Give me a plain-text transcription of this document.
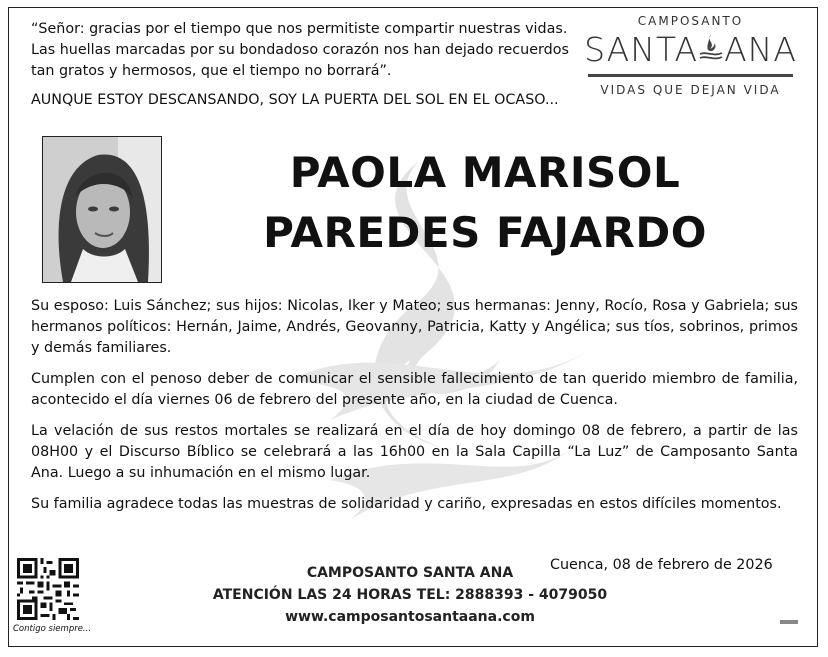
“Señor: gracias por el tiempo que nos permitiste compartir nuestras vidas. Las huellas marcadas por su bondadoso corazón nos han dejado recuerdos tan gratos y hermosos, que el tiempo no borrará”.

AUNQUE ESTOY DESCANSANDO, SOY LA PUERTA DEL SOL EN EL OCASO...

CAMPOSANTO
SANTA ANA
VIDAS QUE DEJAN VIDA
PAOLA MARISOL
PAREDES FAJARDO

Su esposo: Luis Sánchez; sus hijos: Nicolas, Iker y Mateo; sus hermanas: Jenny, Rocío, Rosa y Gabriela; sus hermanos políticos: Hernán, Jaime, Andrés, Geovanny, Patricia, Katty y Angélica; sus tíos, sobrinos, primos y demás familiares.

Cumplen con el penoso deber de comunicar el sensible fallecimiento de tan querido miembro de familia, acontecido el día viernes 06 de febrero del presente año, en la ciudad de Cuenca.

La velación de sus restos mortales se realizará en el día de hoy domingo 08 de febrero, a partir de las 08H00 y el Discurso Bíblico se celebrará a las 16h00 en la Sala Capilla “La Luz” de Camposanto Santa Ana. Luego a su inhumación en el mismo lugar.

Su familia agradece todas las muestras de solidaridad y cariño, expresadas en estos difíciles momentos.

Contigo siempre...
CAMPOSANTO SANTA ANA
ATENCIÓN LAS 24 HORAS TEL: 2888393 - 4079050
www.camposantosantaana.com
Cuenca, 08 de febrero de 2026
